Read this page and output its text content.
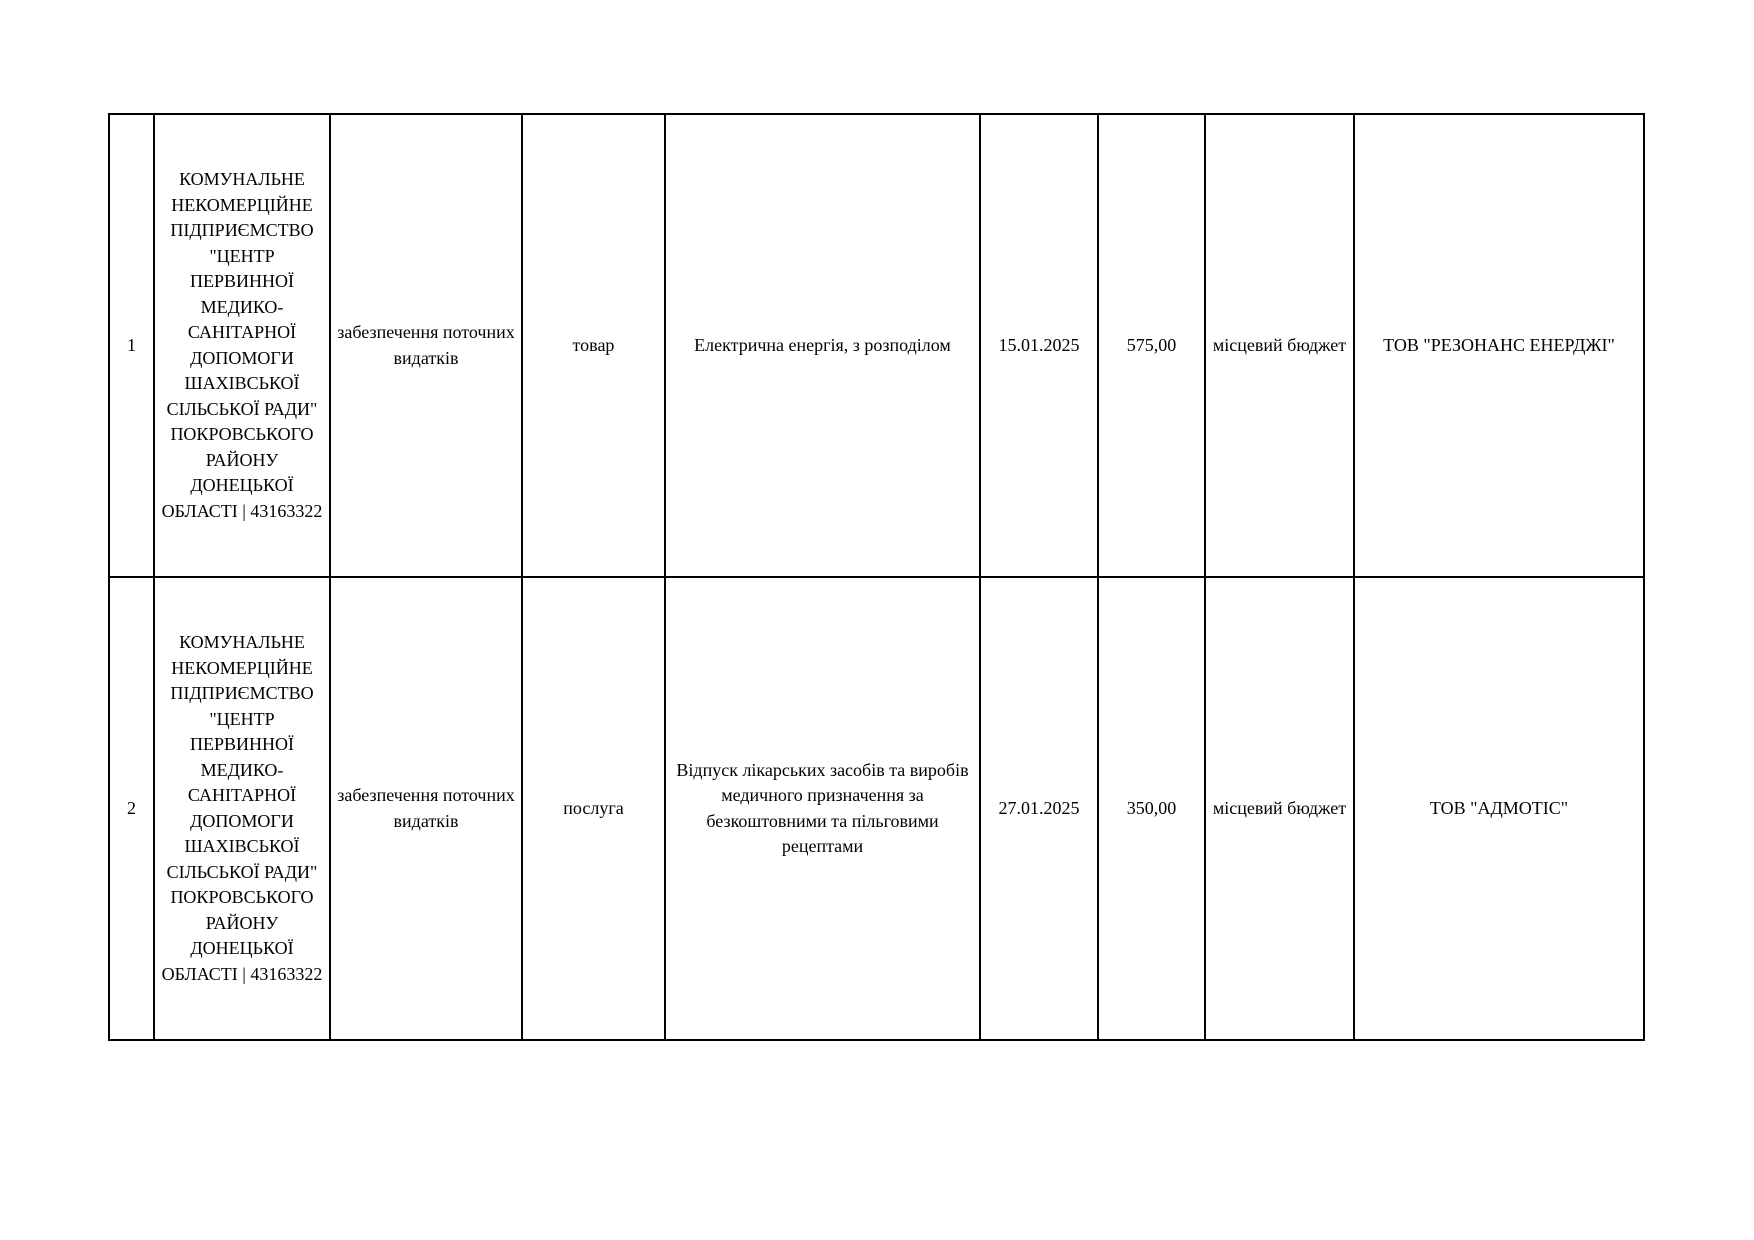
1	КОМУНАЛЬНЕ НЕКОМЕРЦІЙНЕ ПІДПРИЄМСТВО "ЦЕНТР ПЕРВИННОЇ МЕДИКО-САНІТАРНОЇ ДОПОМОГИ ШАХІВСЬКОЇ СІЛЬСЬКОЇ РАДИ" ПОКРОВСЬКОГО РАЙОНУ ДОНЕЦЬКОЇ ОБЛАСТІ | 43163322	забезпечення поточних видатків	товар	Електрична енергія, з розподілом	15.01.2025	575,00	місцевий бюджет	ТОВ "РЕЗОНАНС ЕНЕРДЖІ"
2	КОМУНАЛЬНЕ НЕКОМЕРЦІЙНЕ ПІДПРИЄМСТВО "ЦЕНТР ПЕРВИННОЇ МЕДИКО-САНІТАРНОЇ ДОПОМОГИ ШАХІВСЬКОЇ СІЛЬСЬКОЇ РАДИ" ПОКРОВСЬКОГО РАЙОНУ ДОНЕЦЬКОЇ ОБЛАСТІ | 43163322	забезпечення поточних видатків	послуга	Відпуск лікарських засобів та виробів медичного призначення за безкоштовними та пільговими рецептами	27.01.2025	350,00	місцевий бюджет	ТОВ "АДМОТІС"
